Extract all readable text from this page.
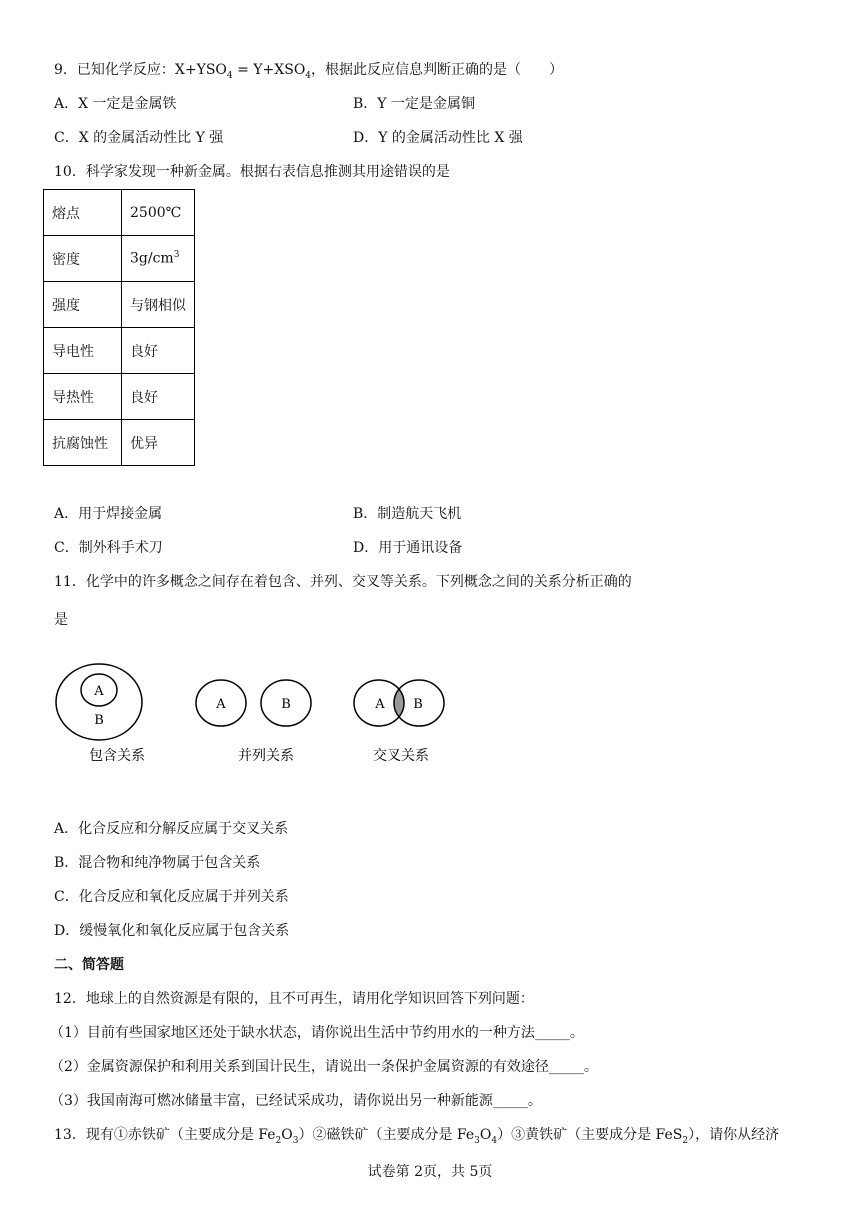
9．已知化学反应：$X+YSO_4 = Y+XSO_4$，根据此反应信息判断正确的是（　　）
A．X 一定是金属铁	B．Y 一定是金属铜
C．X 的金属活动性比 Y 强	D．Y 的金属活动性比 X 强
10．科学家发现一种新金属。根据右表信息推测其用途错误的是
熔点	2500℃
密度	$3g/cm^3$
强度	与钢相似
导电性	良好
导热性	良好
抗腐蚀性	优异
A．用于焊接金属	B．制造航天飞机
C．制外科手术刀	D．用于通讯设备
11．化学中的许多概念之间存在着包含、并列、交叉等关系。下列概念之间的关系分析正确的
是
A
B
包含关系
A	B
并列关系
A B
交叉关系
A．化合反应和分解反应属于交叉关系
B．混合物和纯净物属于包含关系
C．化合反应和氧化反应属于并列关系
D．缓慢氧化和氧化反应属于包含关系
二、简答题
12．地球上的自然资源是有限的，且不可再生，请用化学知识回答下列问题：
（1）目前有些国家地区还处于缺水状态，请你说出生活中节约用水的一种方法_____。
（2）金属资源保护和利用关系到国计民生，请说出一条保护金属资源的有效途径_____。
（3）我国南海可燃冰储量丰富，已经试采成功，请你说出另一种新能源_____。
13．现有①赤铁矿（主要成分是 $Fe_2O_3)②$磁铁矿（主要成分是 $Fe_3O_4)③$黄铁矿（主要成分是 FeS$_2$），请你从经济
试卷第 2页，共 5页
